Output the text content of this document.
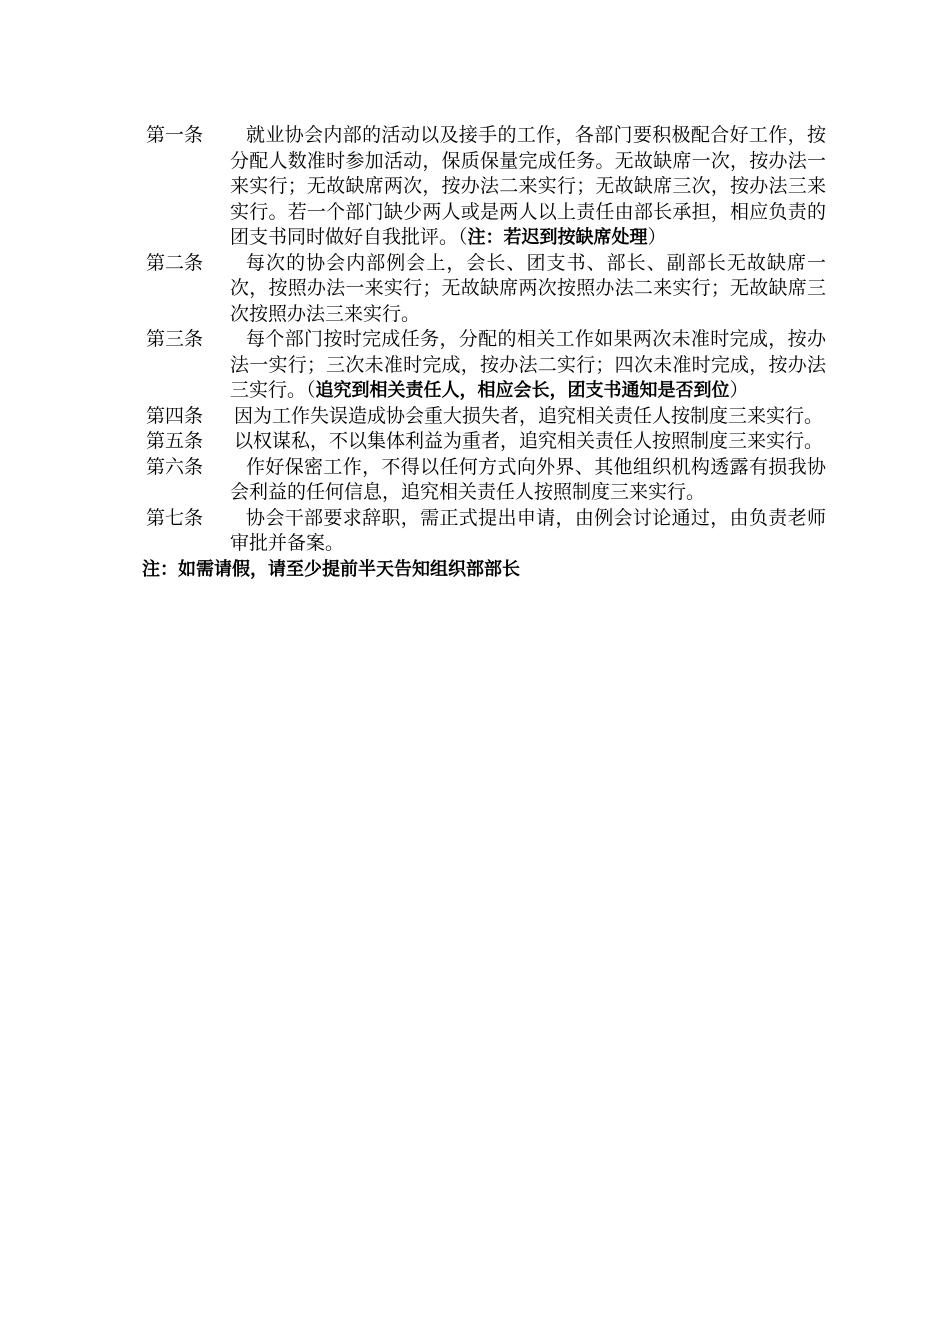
第一条	就业协会内部的活动以及接手的工作，各部门要积极配合好工作，按分配人数准时参加活动，保质保量完成任务。无故缺席一次，按办法一来实行；无故缺席两次，按办法二来实行；无故缺席三次，按办法三来实行。若一个部门缺少两人或是两人以上责任由部长承担，相应负责的团支书同时做好自我批评。（注：若迟到按缺席处理）
第二条	每次的协会内部例会上，会长、团支书、部长、副部长无故缺席一次，按照办法一来实行；无故缺席两次按照办法二来实行；无故缺席三次按照办法三来实行。
第三条	每个部门按时完成任务，分配的相关工作如果两次未准时完成，按办法一实行；三次未准时完成，按办法二实行；四次未准时完成，按办法三实行。（追究到相关责任人，相应会长，团支书通知是否到位）
第四条	因为工作失误造成协会重大损失者，追究相关责任人按制度三来实行。
第五条	以权谋私，不以集体利益为重者，追究相关责任人按照制度三来实行。
第六条	作好保密工作，不得以任何方式向外界、其他组织机构透露有损我协会利益的任何信息，追究相关责任人按照制度三来实行。
第七条	协会干部要求辞职，需正式提出申请，由例会讨论通过，由负责老师审批并备案。
注：如需请假，请至少提前半天告知组织部部长
